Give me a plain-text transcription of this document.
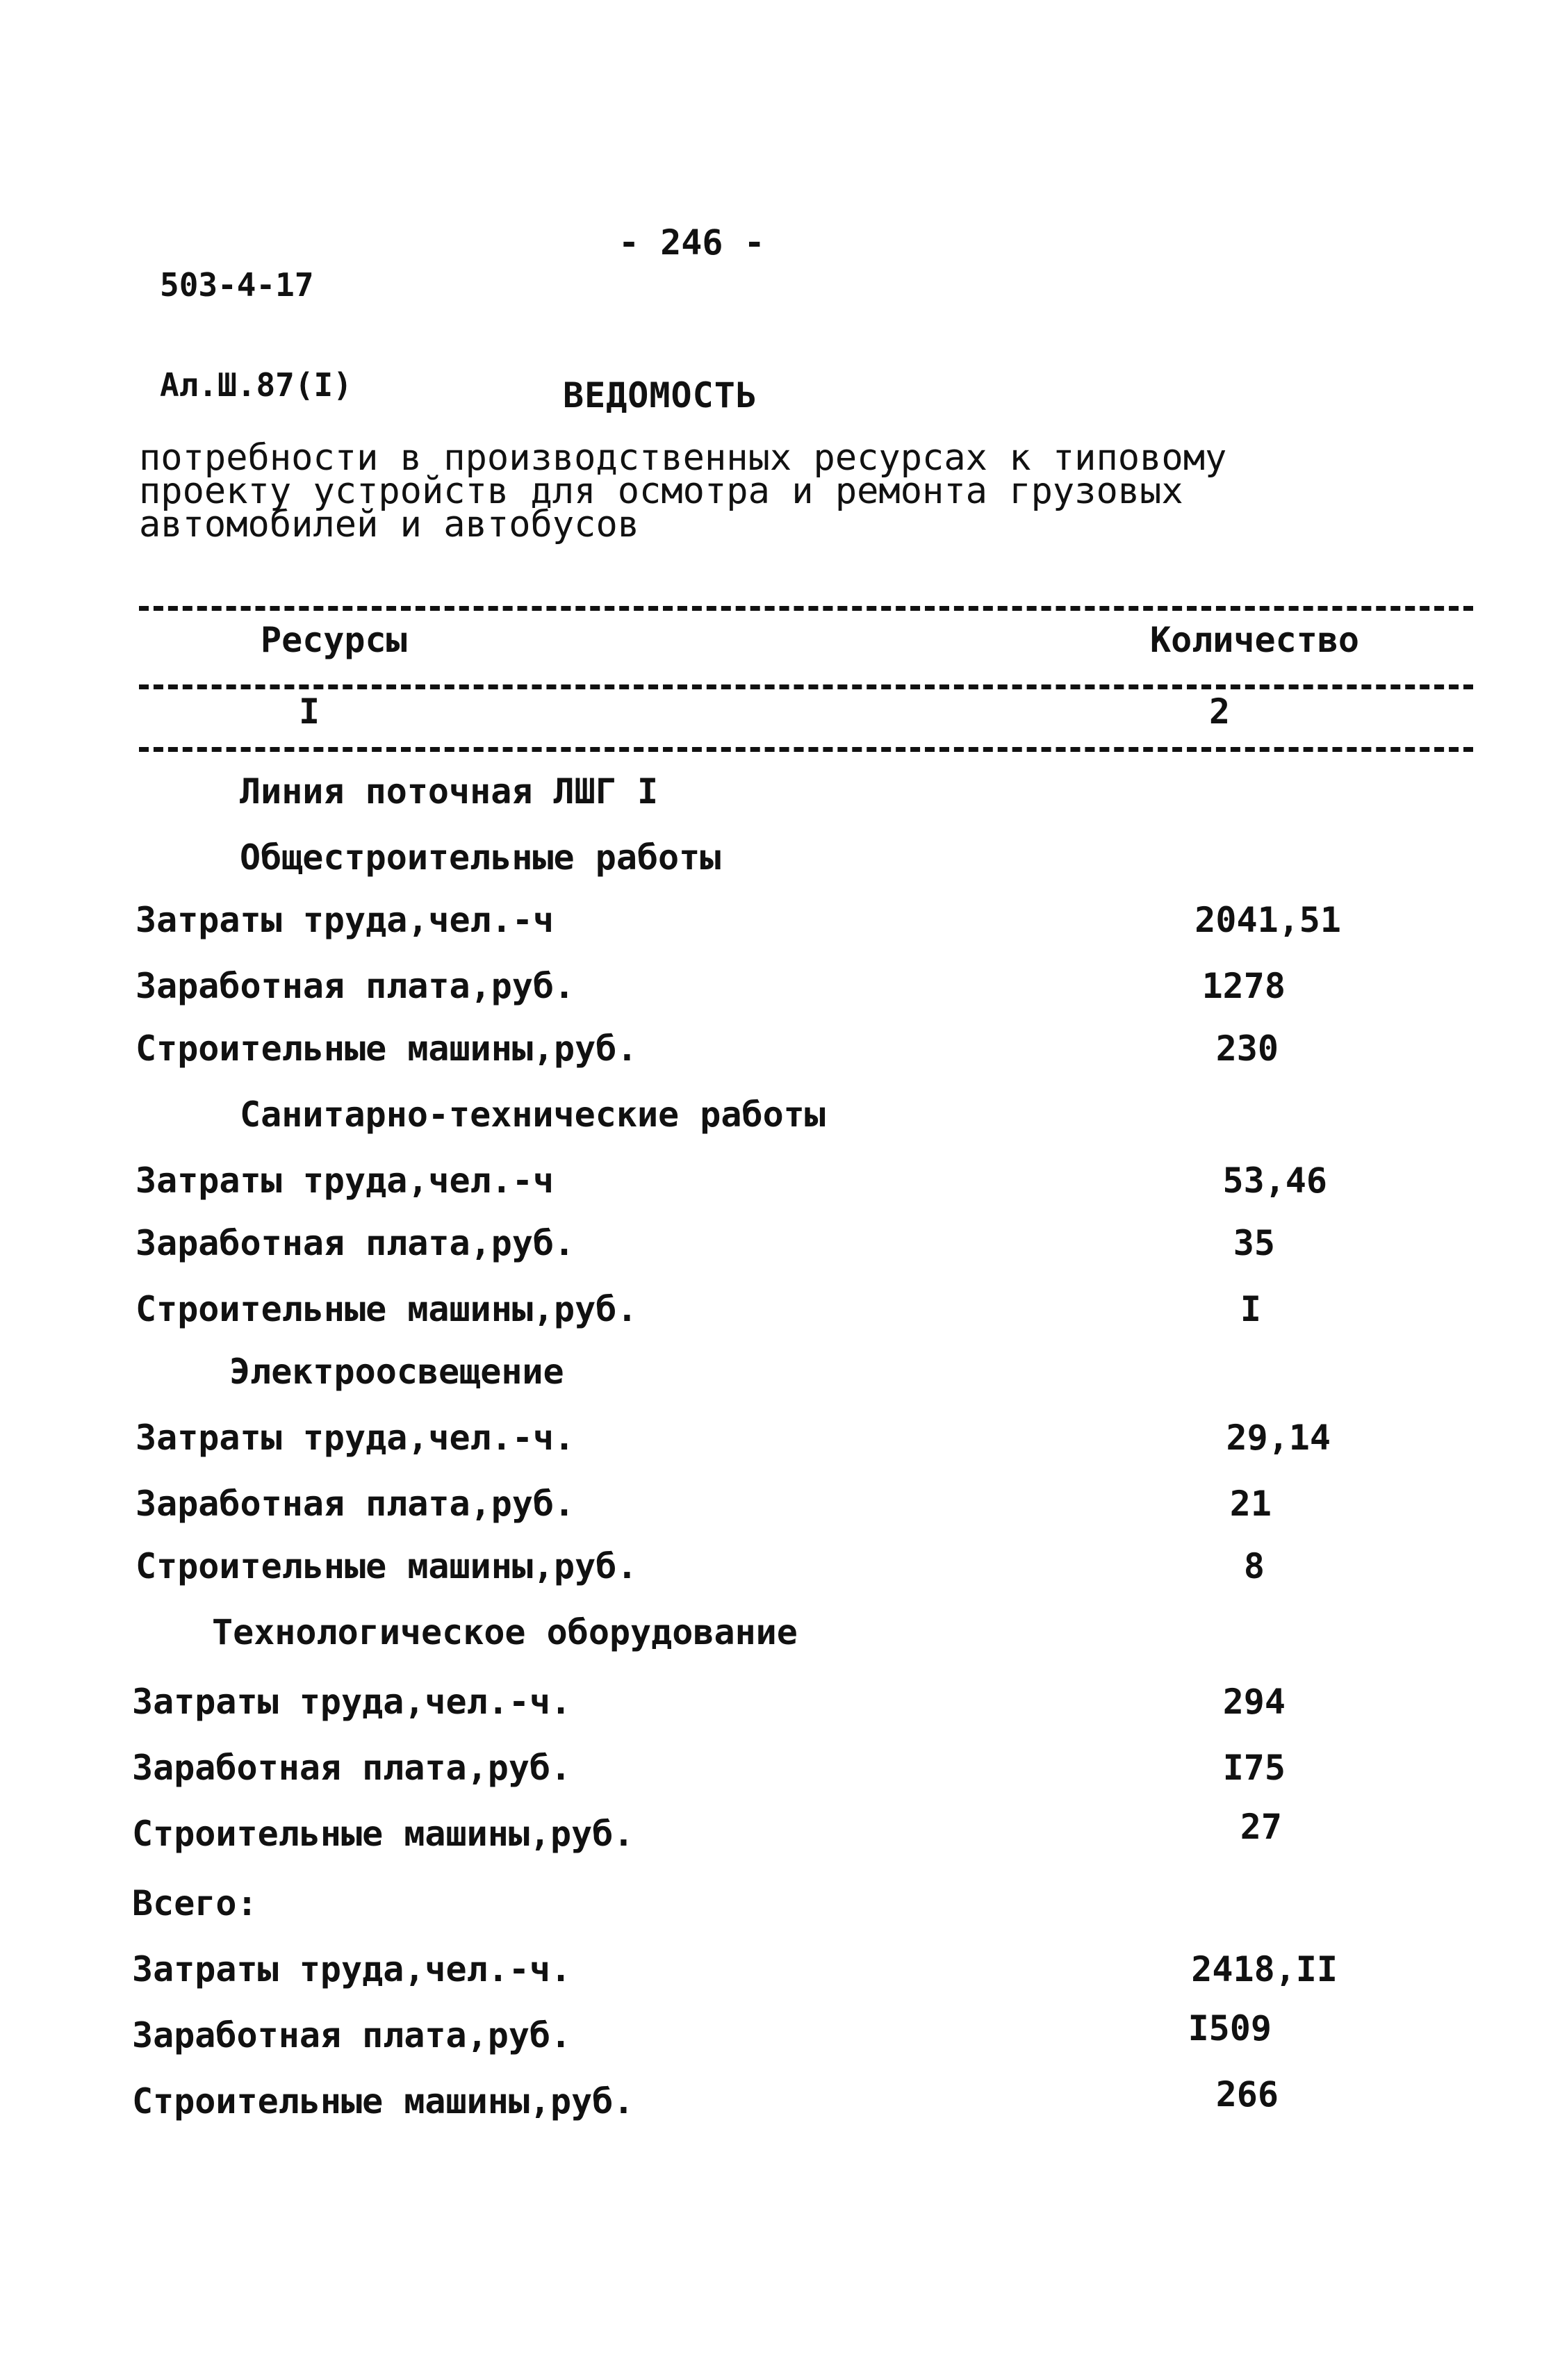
503-4-17

Ал.Ш.87(I)

- 246 -
ВЕДОМОСТЬ
потребности в производственных ресурсах к типовому проекту устройств для осмотра и ремонта грузовых автомобилей и автобусов
Ресурсы	Количество
I	2
Линия поточная ЛШГ I
Общестроительные работы
Затраты труда,чел.-ч	2041,51
Заработная плата,руб.	1278
Строительные машины,руб.	230
Санитарно-технические работы
Затраты труда,чел.-ч	53,46
Заработная плата,руб.	35
Строительные машины,руб.	I
Электроосвещение
Затраты труда,чел.-ч.	29,14
Заработная плата,руб.	21
Строительные машины,руб.	8
Технологическое оборудование
Затраты труда,чел.-ч.	294
Заработная плата,руб.	I75
Строительные машины,руб.	27
Всего:
Затраты труда,чел.-ч.	2418,II
Заработная плата,руб.	I509
Строительные машины,руб.	266
